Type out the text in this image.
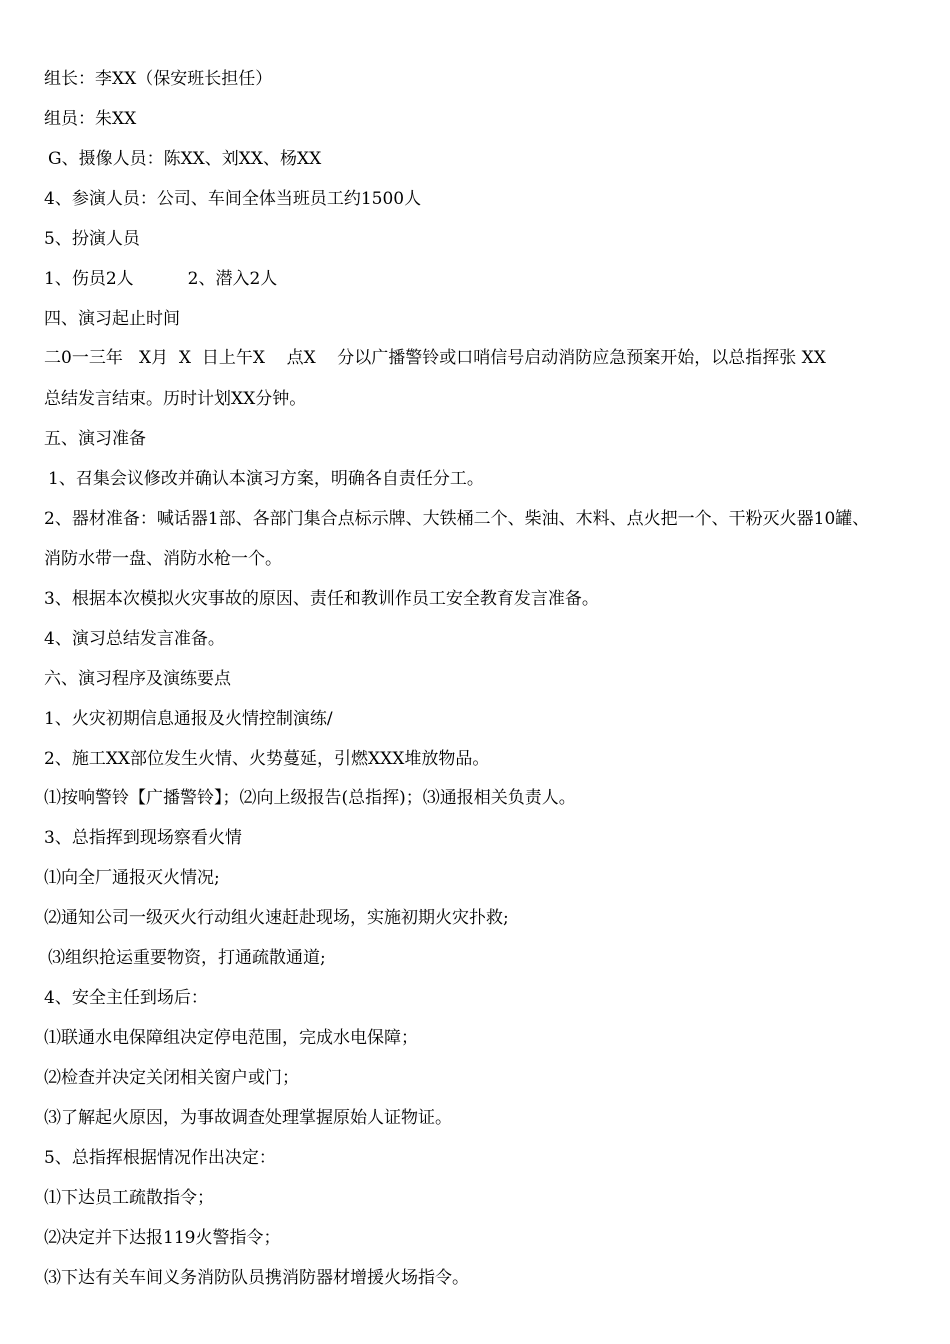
组长：李XX（保安班长担任）
组员：朱XX
G、摄像人员：陈XX、刘XX、杨XX
4、参演人员：公司、车间全体当班员工约1500人
5、扮演人员
1、伤员2人          2、潜入2人
四、演习起止时间
二0一三年   X月  X  日上午X    点X    分以广播警铃或口哨信号启动消防应急预案开始，以总指挥张 XX
总结发言结束。历时计划XX分钟。
五、演习准备
1、召集会议修改并确认本演习方案，明确各自责任分工。
2、器材准备：喊话器1部、各部门集合点标示牌、大铁桶二个、柴油、木料、点火把一个、干粉灭火器10罐、
消防水带一盘、消防水枪一个。
3、根据本次模拟火灾事故的原因、责任和教训作员工安全教育发言准备。
4、演习总结发言准备。
六、演习程序及演练要点
1、火灾初期信息通报及火情控制演练/
2、施工XX部位发生火情、火势蔓延，引燃XXX堆放物品。
⑴按响警铃【广播警铃】；⑵向上级报告(总指挥)；⑶通报相关负责人。
3、总指挥到现场察看火情
⑴向全厂通报灭火情况;
⑵通知公司一级灭火行动组火速赶赴现场，实施初期火灾扑救;
⑶组织抢运重要物资，打通疏散通道;
4、安全主任到场后：
⑴联通水电保障组决定停电范围，完成水电保障；
⑵检查并决定关闭相关窗户或门；
⑶了解起火原因，为事故调查处理掌握原始人证物证。
5、总指挥根据情况作出决定：
⑴下达员工疏散指令；
⑵决定并下达报119火警指令；
⑶下达有关车间义务消防队员携消防器材增援火场指令。
